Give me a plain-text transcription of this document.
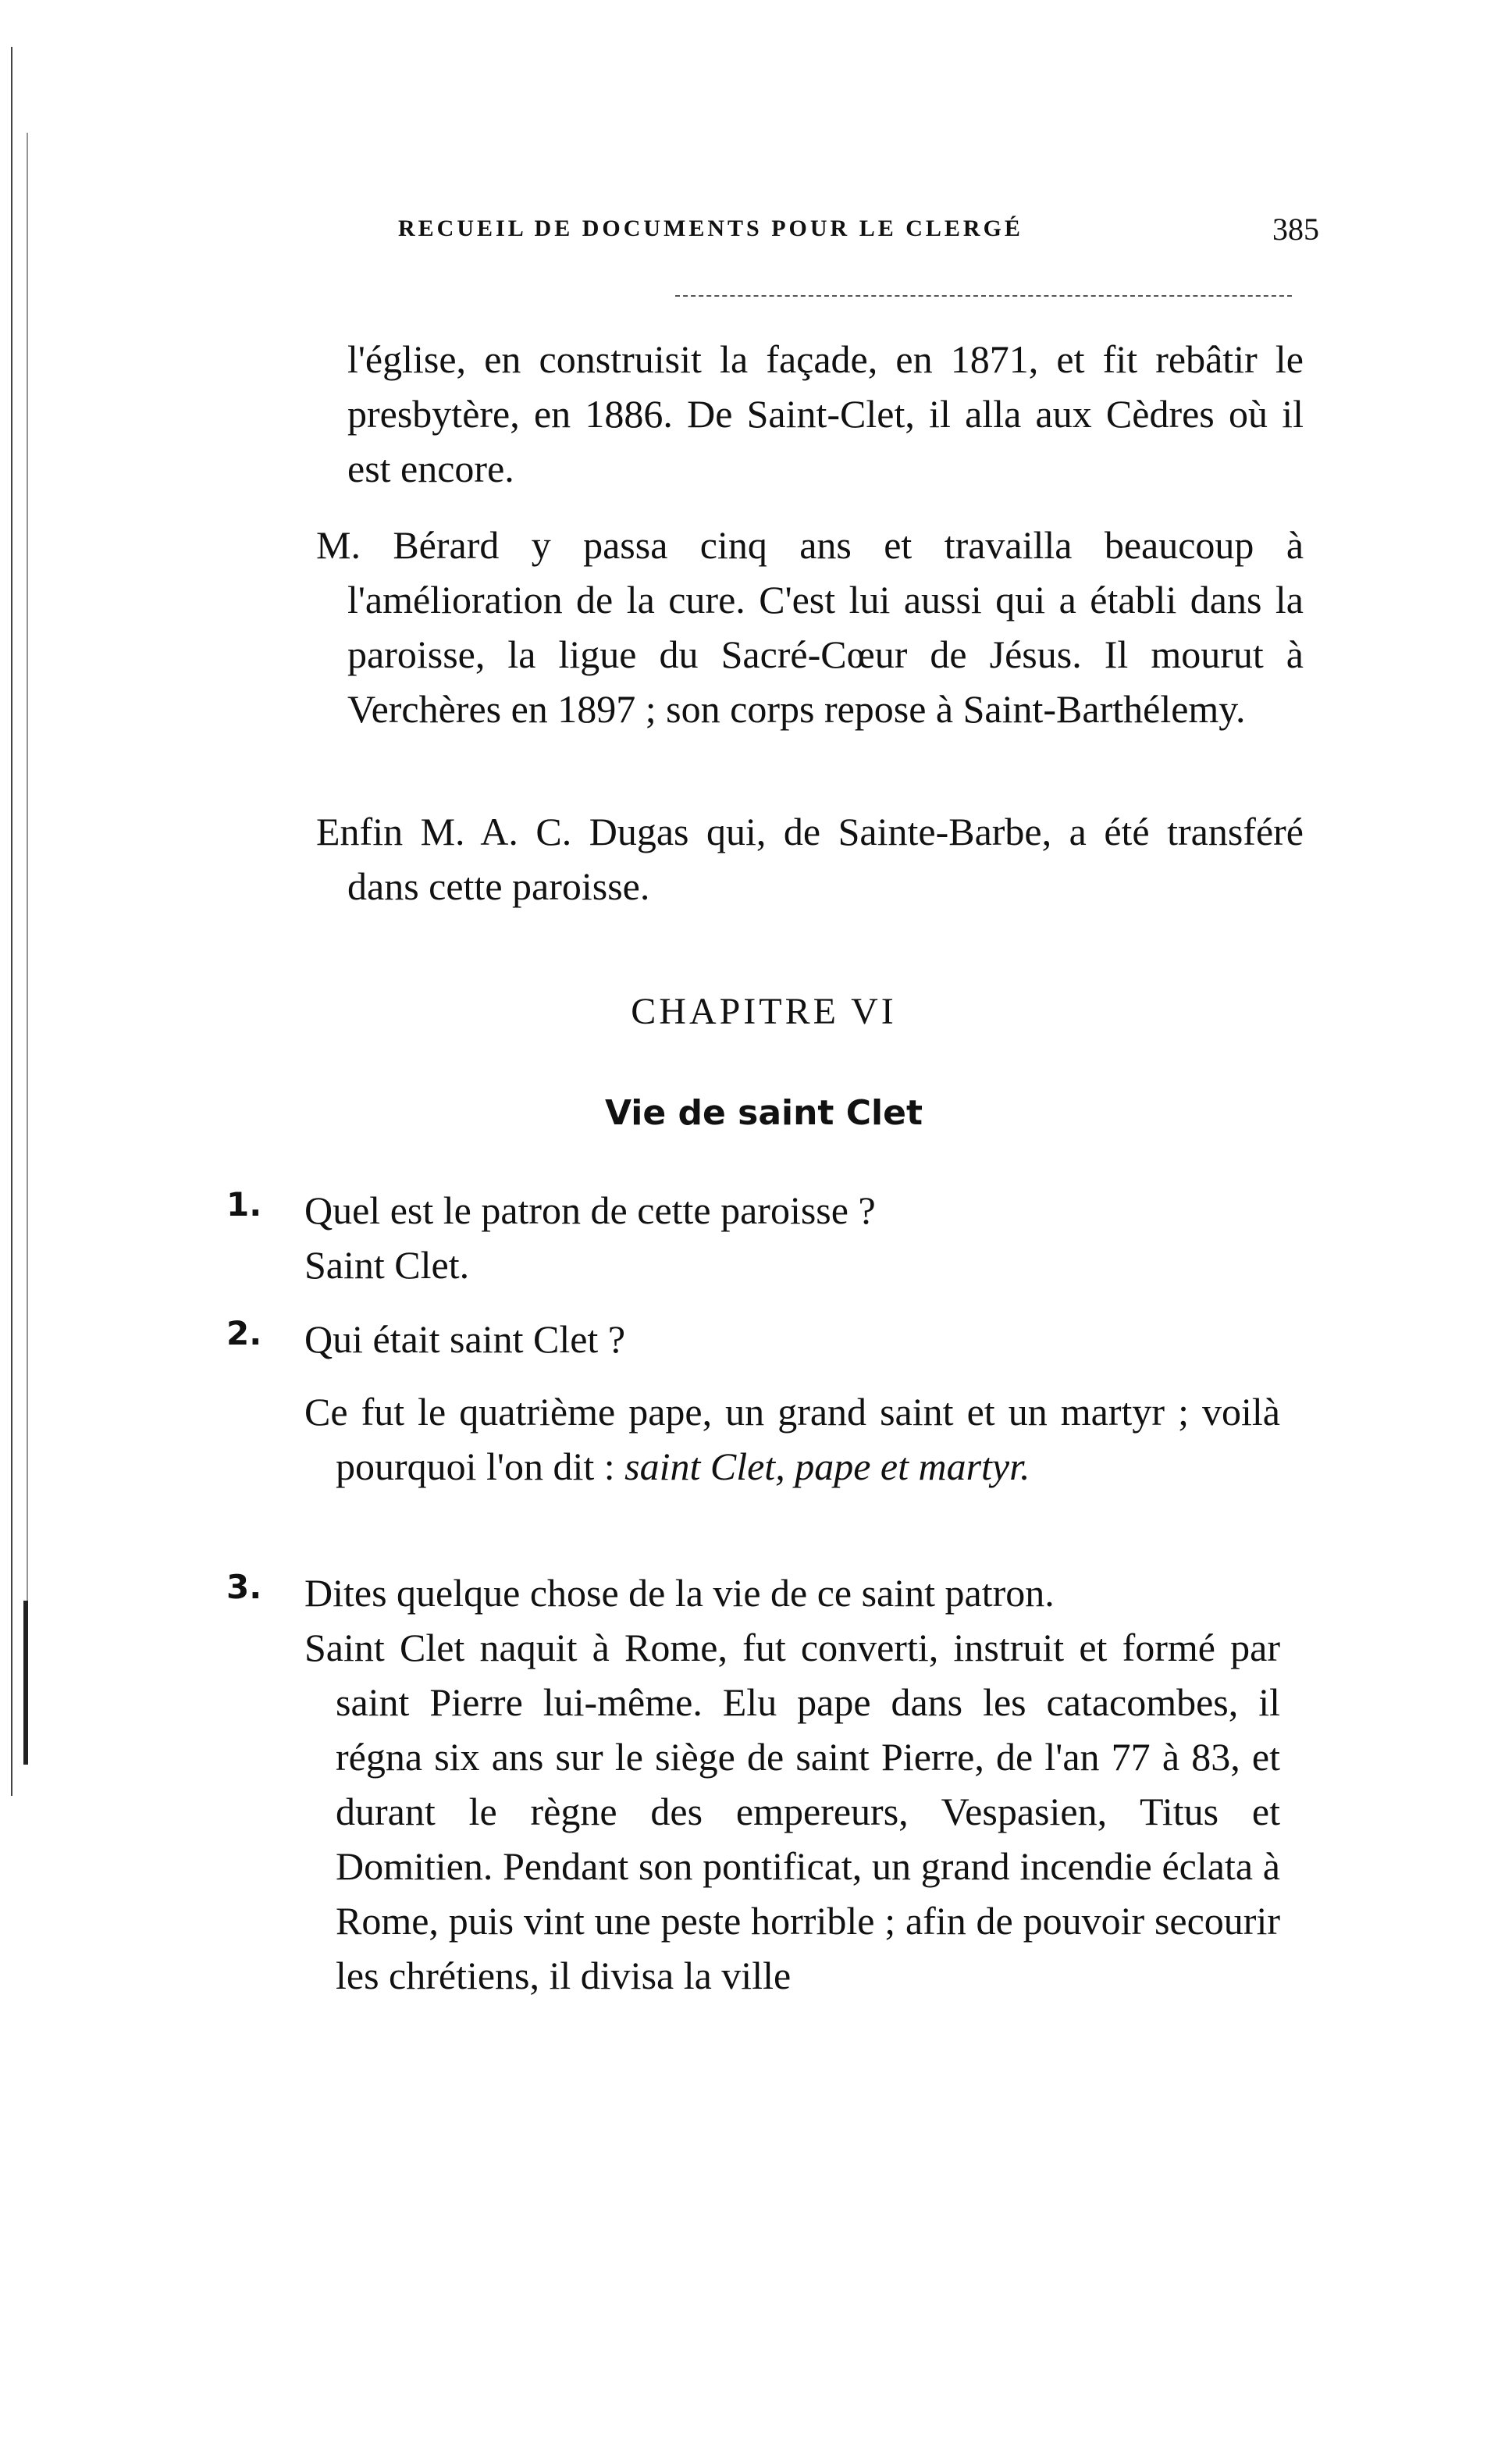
RECUEIL DE DOCUMENTS POUR LE CLERGÉ	385

l'église, en construisit la façade, en 1871, et fit rebâtir le presbytère, en 1886. De Saint-Clet, il alla aux Cèdres où il est encore.

M. Bérard y passa cinq ans et travailla beaucoup à l'amélioration de la cure. C'est lui aussi qui a établi dans la paroisse, la ligue du Sacré-Cœur de Jésus. Il mourut à Verchères en 1897 ; son corps repose à Saint-Barthélemy.

Enfin M. A. C. Dugas qui, de Sainte-Barbe, a été transféré dans cette paroisse.

CHAPITRE VI
Vie de saint Clet
1. Quel est le patron de cette paroisse ?
Saint Clet.
2. Qui était saint Clet ?

Ce fut le quatrième pape, un grand saint et un martyr ; voilà pourquoi l'on dit : saint Clet, pape et martyr.

3. Dites quelque chose de la vie de ce saint patron.

Saint Clet naquit à Rome, fut converti, instruit et formé par saint Pierre lui-même. Elu pape dans les catacombes, il régna six ans sur le siège de saint Pierre, de l'an 77 à 83, et durant le règne des empereurs, Vespasien, Titus et Domitien. Pendant son pontificat, un grand incendie éclata à Rome, puis vint une peste horrible ; afin de pouvoir secourir les chrétiens, il divisa la ville
